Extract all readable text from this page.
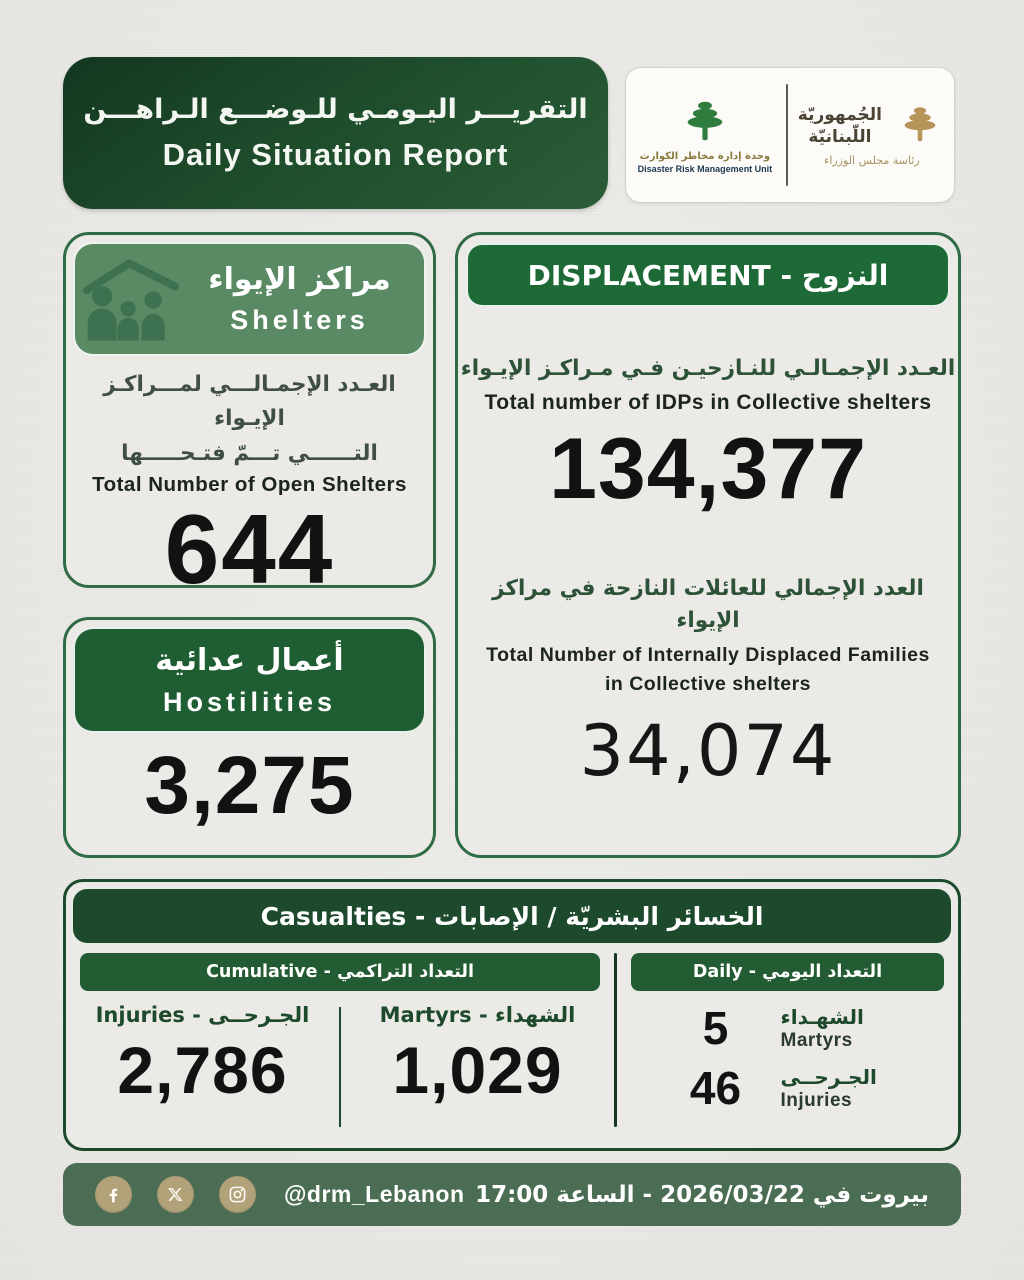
التقريـــر اليـومـي للـوضـــع الـراهـــن
Daily Situation Report	وحدة إدارة مخاطر الكوارث
Disaster Risk Management Unit
الجُمهوريّة
اللّبنانيّة
رئاسة مجلس الوزراء
مراكز الإيواء
Shelters
العـدد الإجمـالـــي لمـــراكـز الإيـواء
التــــــي تـــمّ فتـحـــــها
Total Number of Open Shelters
644
أعمال عدائية
Hostilities
3,275
النزوح - DISPLACEMENT
العـدد الإجمـالـي للنـازحيـن فـي مـراكـز الإيـواء
Total number of IDPs in Collective shelters
134,377
العدد الإجمالي للعائلات النازحة في مراكز الإيواء
Total Number of Internally Displaced Families
in Collective shelters
34,074
الخسائر البشريّة / الإصابات - Casualties
التعداد التراكمي - Cumulative
الجـرحــى - Injuries
2,786
الشهداء - Martyrs
1,029
التعداد اليومي - Daily
5	الشهـداء
Martyrs
46	الجـرحــى
Injuries
@drm_Lebanon بيروت في 2026/03/22 - الساعة 17:00
